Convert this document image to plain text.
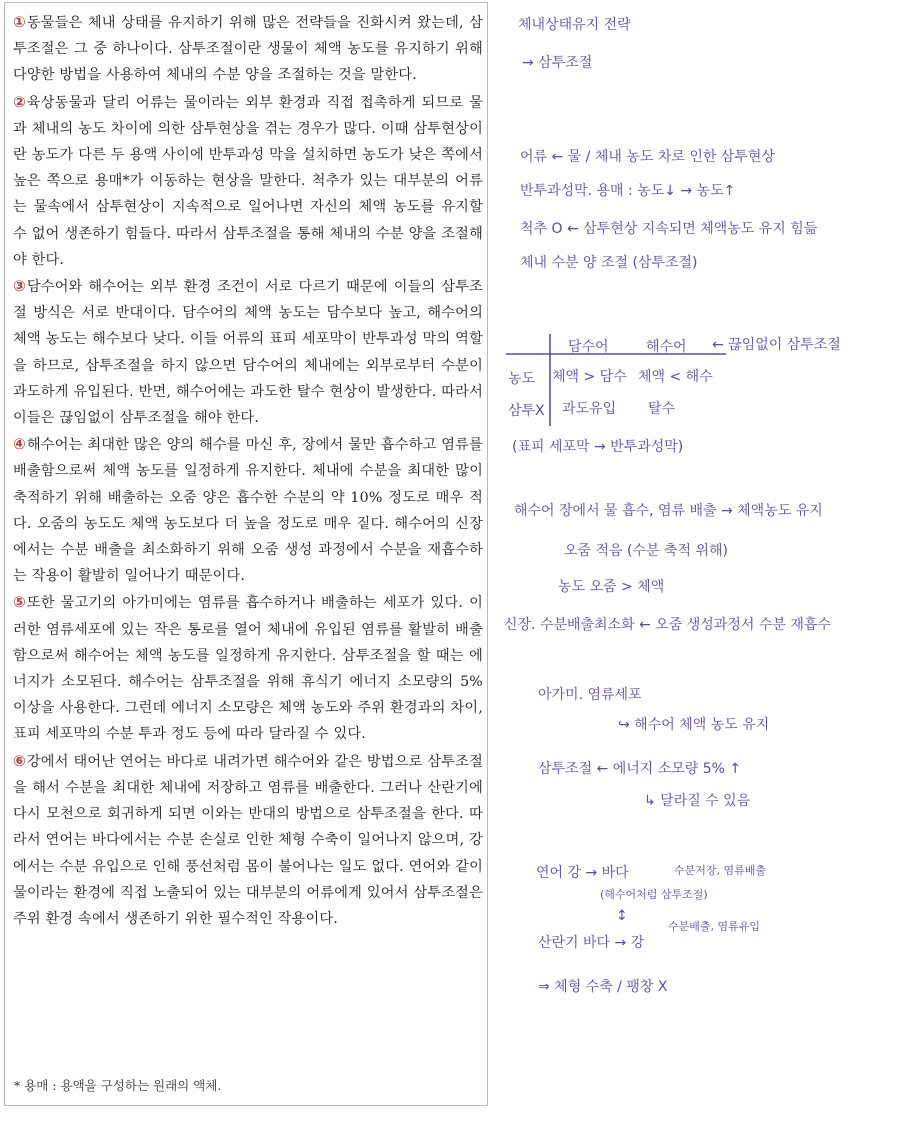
①동물들은 체내 상태를 유지하기 위해 많은 전략들을 진화시켜 왔는데, 삼투조절은 그 중 하나이다. 삼투조절이란 생물이 체액 농도를 유지하기 위해 다양한 방법을 사용하여 체내의 수분 양을 조절하는 것을 말한다.

②육상동물과 달리 어류는 물이라는 외부 환경과 직접 접촉하게 되므로 물과 체내의 농도 차이에 의한 삼투현상을 겪는 경우가 많다. 이때 삼투현상이란 농도가 다른 두 용액 사이에 반투과성 막을 설치하면 농도가 낮은 쪽에서 높은 쪽으로 용매*가 이동하는 현상을 말한다. 척추가 있는 대부분의 어류는 물속에서 삼투현상이 지속적으로 일어나면 자신의 체액 농도를 유지할 수 없어 생존하기 힘들다. 따라서 삼투조절을 통해 체내의 수분 양을 조절해야 한다.

③담수어와 해수어는 외부 환경 조건이 서로 다르기 때문에 이들의 삼투조절 방식은 서로 반대이다. 담수어의 체액 농도는 담수보다 높고, 해수어의 체액 농도는 해수보다 낮다. 이들 어류의 표피 세포막이 반투과성 막의 역할을 하므로, 삼투조절을 하지 않으면 담수어의 체내에는 외부로부터 수분이 과도하게 유입된다. 반면, 해수어에는 과도한 탈수 현상이 발생한다. 따라서 이들은 끊임없이 삼투조절을 해야 한다.

④해수어는 최대한 많은 양의 해수를 마신 후, 장에서 물만 흡수하고 염류를 배출함으로써 체액 농도를 일정하게 유지한다. 체내에 수분을 최대한 많이 축적하기 위해 배출하는 오줌 양은 흡수한 수분의 약 10% 정도로 매우 적다. 오줌의 농도도 체액 농도보다 더 높을 정도로 매우 짙다. 해수어의 신장에서는 수분 배출을 최소화하기 위해 오줌 생성 과정에서 수분을 재흡수하는 작용이 활발히 일어나기 때문이다.

⑤또한 물고기의 아가미에는 염류를 흡수하거나 배출하는 세포가 있다. 이러한 염류세포에 있는 작은 통로를 열어 체내에 유입된 염류를 활발히 배출함으로써 해수어는 체액 농도를 일정하게 유지한다. 삼투조절을 할 때는 에너지가 소모된다. 해수어는 삼투조절을 위해 휴식기 에너지 소모량의 5% 이상을 사용한다. 그런데 에너지 소모량은 체액 농도와 주위 환경과의 차이, 표피 세포막의 수분 투과 정도 등에 따라 달라질 수 있다.

⑥강에서 태어난 연어는 바다로 내려가면 해수어와 같은 방법으로 삼투조절을 해서 수분을 최대한 체내에 저장하고 염류를 배출한다. 그러나 산란기에 다시 모천으로 회귀하게 되면 이와는 반대의 방법으로 삼투조절을 한다. 따라서 연어는 바다에서는 수분 손실로 인한 체형 수축이 일어나지 않으며, 강에서는 수분 유입으로 인해 풍선처럼 몸이 불어나는 일도 없다. 연어와 같이 물이라는 환경에 직접 노출되어 있는 대부분의 어류에게 있어서 삼투조절은 주위 환경 속에서 생존하기 위한 필수적인 작용이다.

* 용매 : 용액을 구성하는 원래의 액체.
체내상태유지 전략
→ 삼투조절
어류 ← 물 / 체내 농도 차로 인한 삼투현상
반투과성막. 용매 : 농도↓ → 농도↑
척추 O ← 삼투현상 지속되면 체액농도 유지 힘듦
체내 수분 양 조절 (삼투조절)
담수어	해수어 ← 끊임없이 삼투조절
농도 체액 > 담수 체액 < 해수
삼투X 과도유입 탈수
(표피 세포막 → 반투과성막)
해수어 장에서 물 흡수, 염류 배출 → 체액농도 유지
오줌 적음 (수분 축적 위해)
농도 오줌 > 체액
신장. 수분배출최소화 ← 오줌 생성과정서 수분 재흡수
아가미. 염류세포
↪ 해수어 체액 농도 유지
삼투조절 ← 에너지 소모량 5% ↑
↳ 달라질 수 있음
연어 강 → 바다	수분저장, 염류배출
(해수어처럼 삼투조절)
↕
산란기 바다 → 강
수분배출, 염류유입
⇒ 체형 수축 / 팽창 X
